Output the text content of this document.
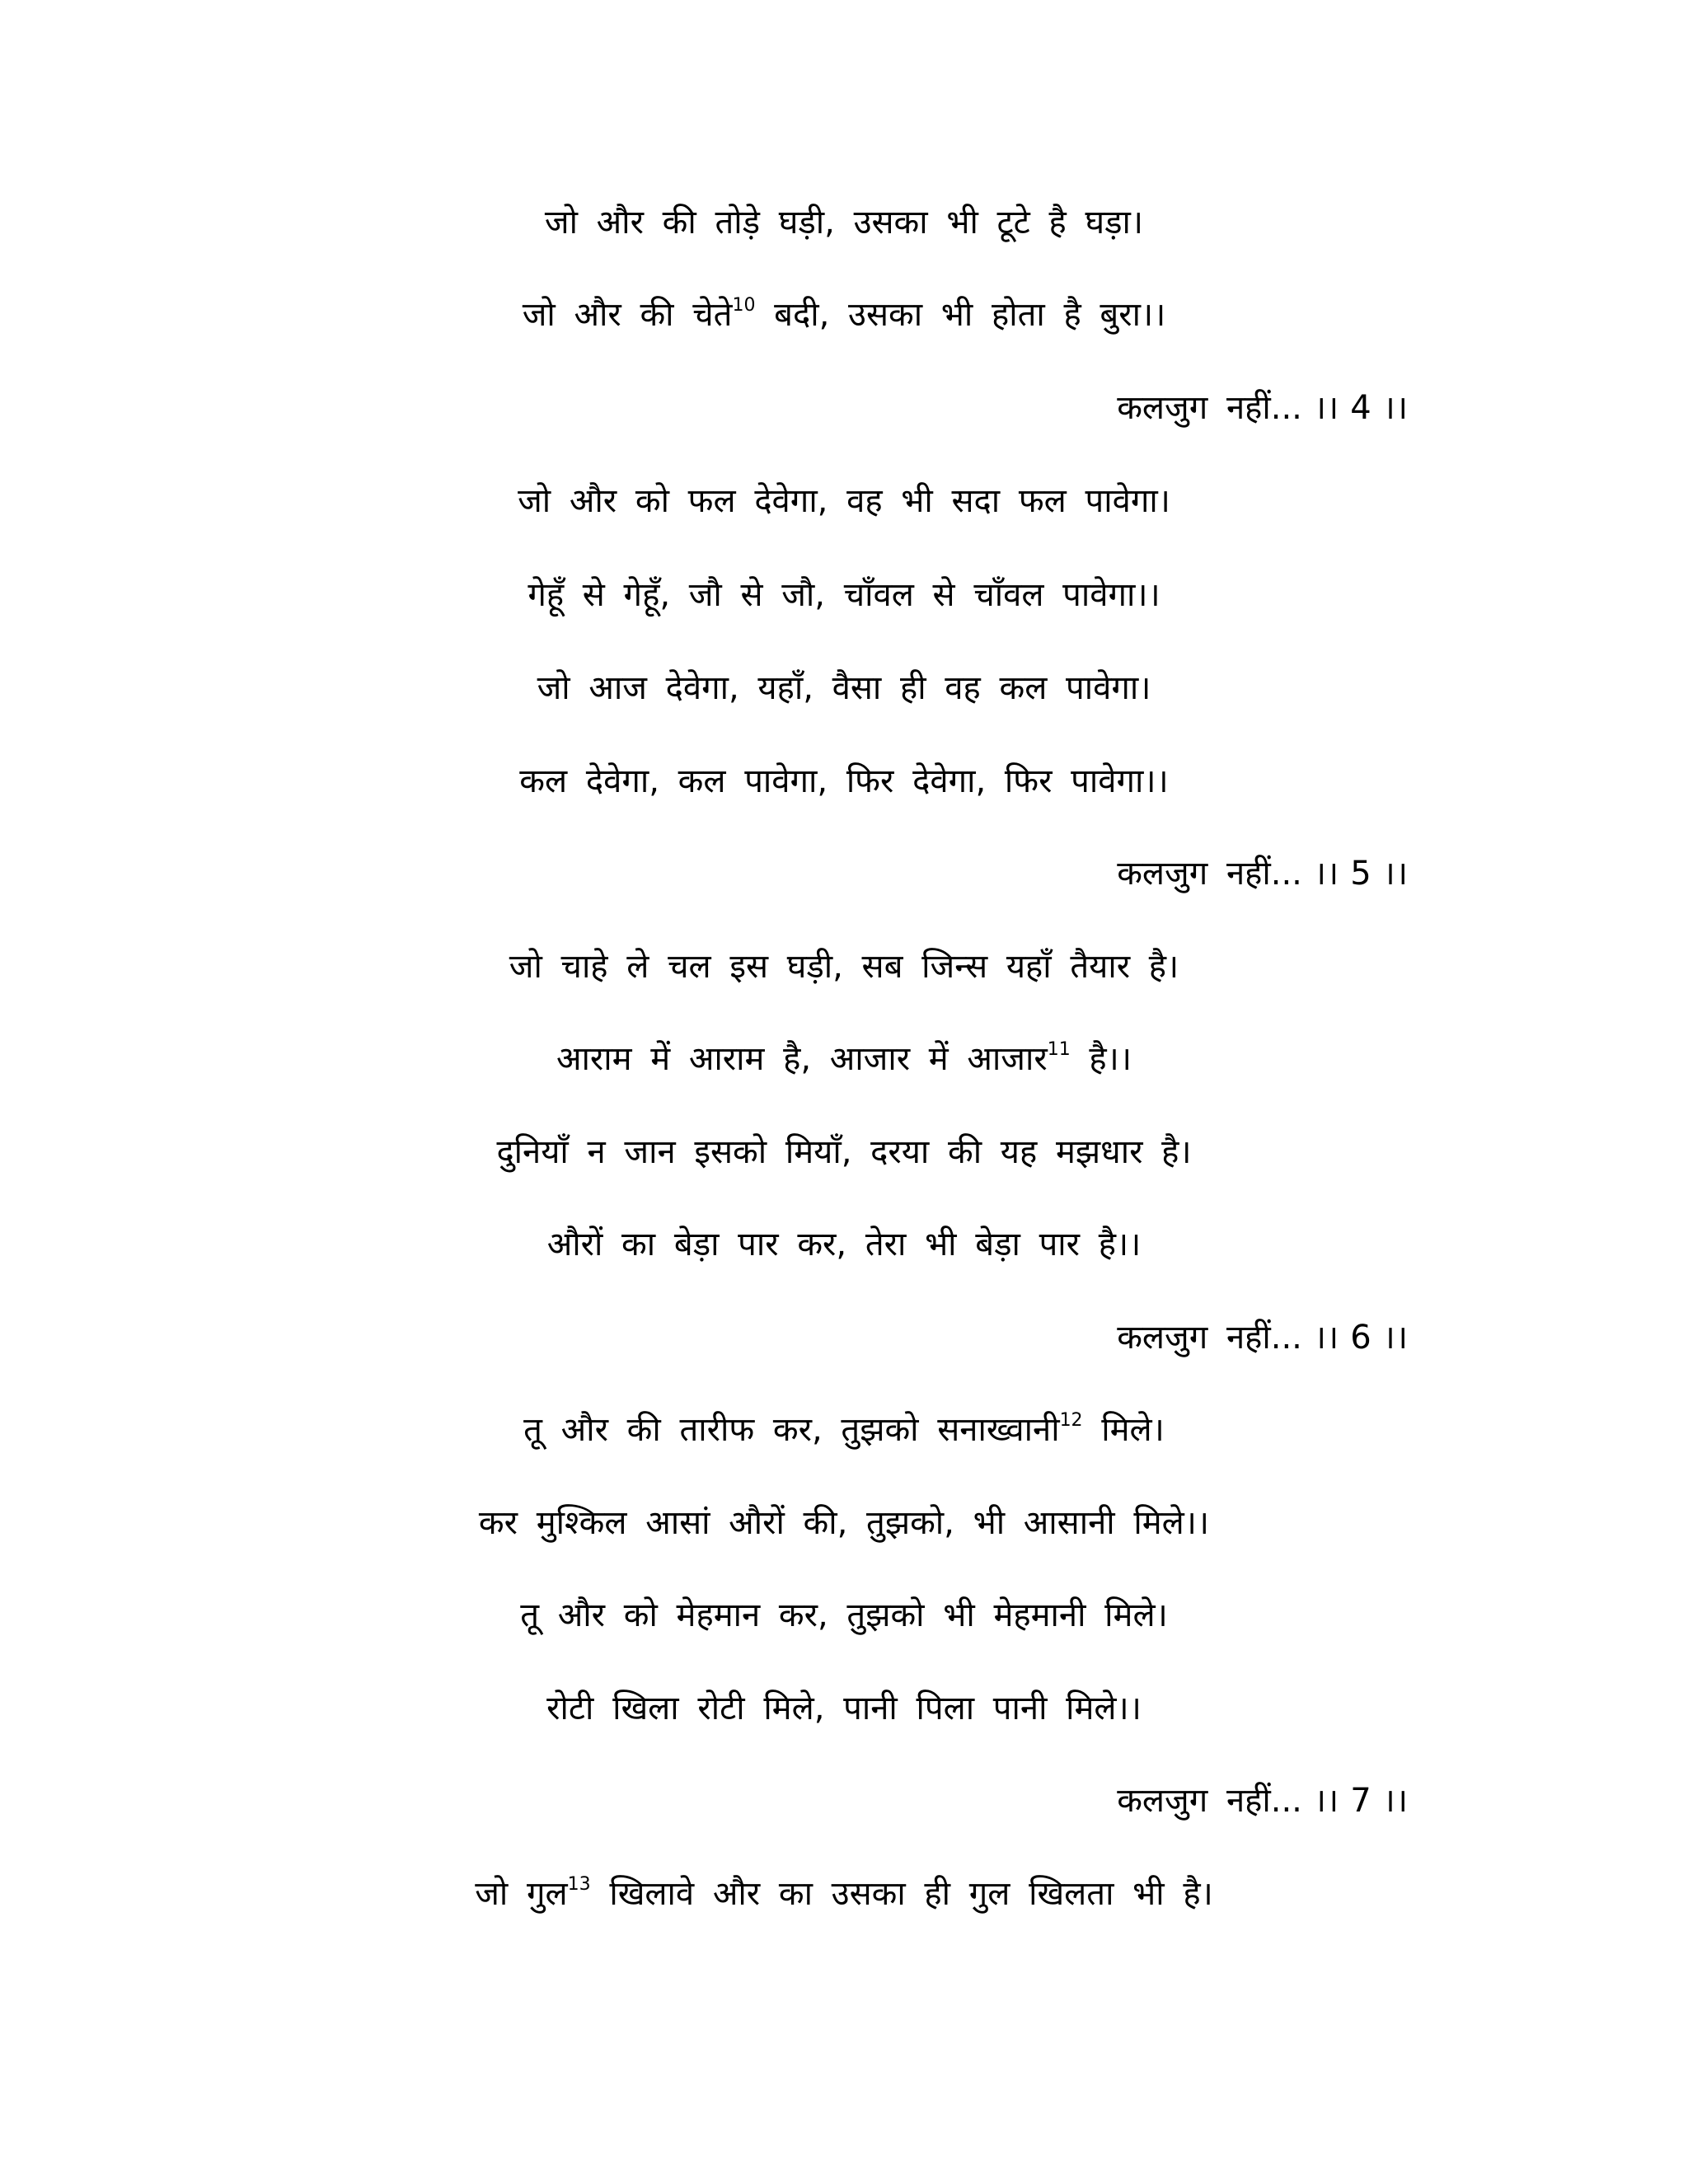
जो और की तोड़े घड़ी, उसका भी टूटे है घड़ा।
जो और की चेते$^{10}$ बदी, उसका भी होता है बुरा।।
कलजुग नहीं... ।। 4 ।।
जो और को फल देवेगा, वह भी सदा फल पावेगा।
गेहूँ से गेहूँ, जौ से जौ, चाँवल से चाँवल पावेगा।।
जो आज देवेगा, यहाँ, वैसा ही वह कल पावेगा।
कल देवेगा, कल पावेगा, फिर देवेगा, फिर पावेगा।।
कलजुग नहीं... ।। 5 ।।
जो चाहे ले चल इस घड़ी, सब जिन्स यहाँ तैयार है।
आराम में आराम है, आजार में आजार$^{11}$ है।।
दुनियाँ न जान इसको मियाँ, दरया की यह मझधार है।
औरों का बेड़ा पार कर, तेरा भी बेड़ा पार है।।
कलजुग नहीं... ।। 6 ।।
तू और की तारीफ कर, तुझको सनाख्वानी$^{12}$ मिले।
कर मुश्किल आसां औरों की, तुझको, भी आसानी मिले।।
तू और को मेहमान कर, तुझको भी मेहमानी मिले।
रोटी खिला रोटी मिले, पानी पिला पानी मिले।।
कलजुग नहीं... ।। 7 ।।
जो गुल$^{13}$ खिलावे और का उसका ही गुल खिलता भी है।
